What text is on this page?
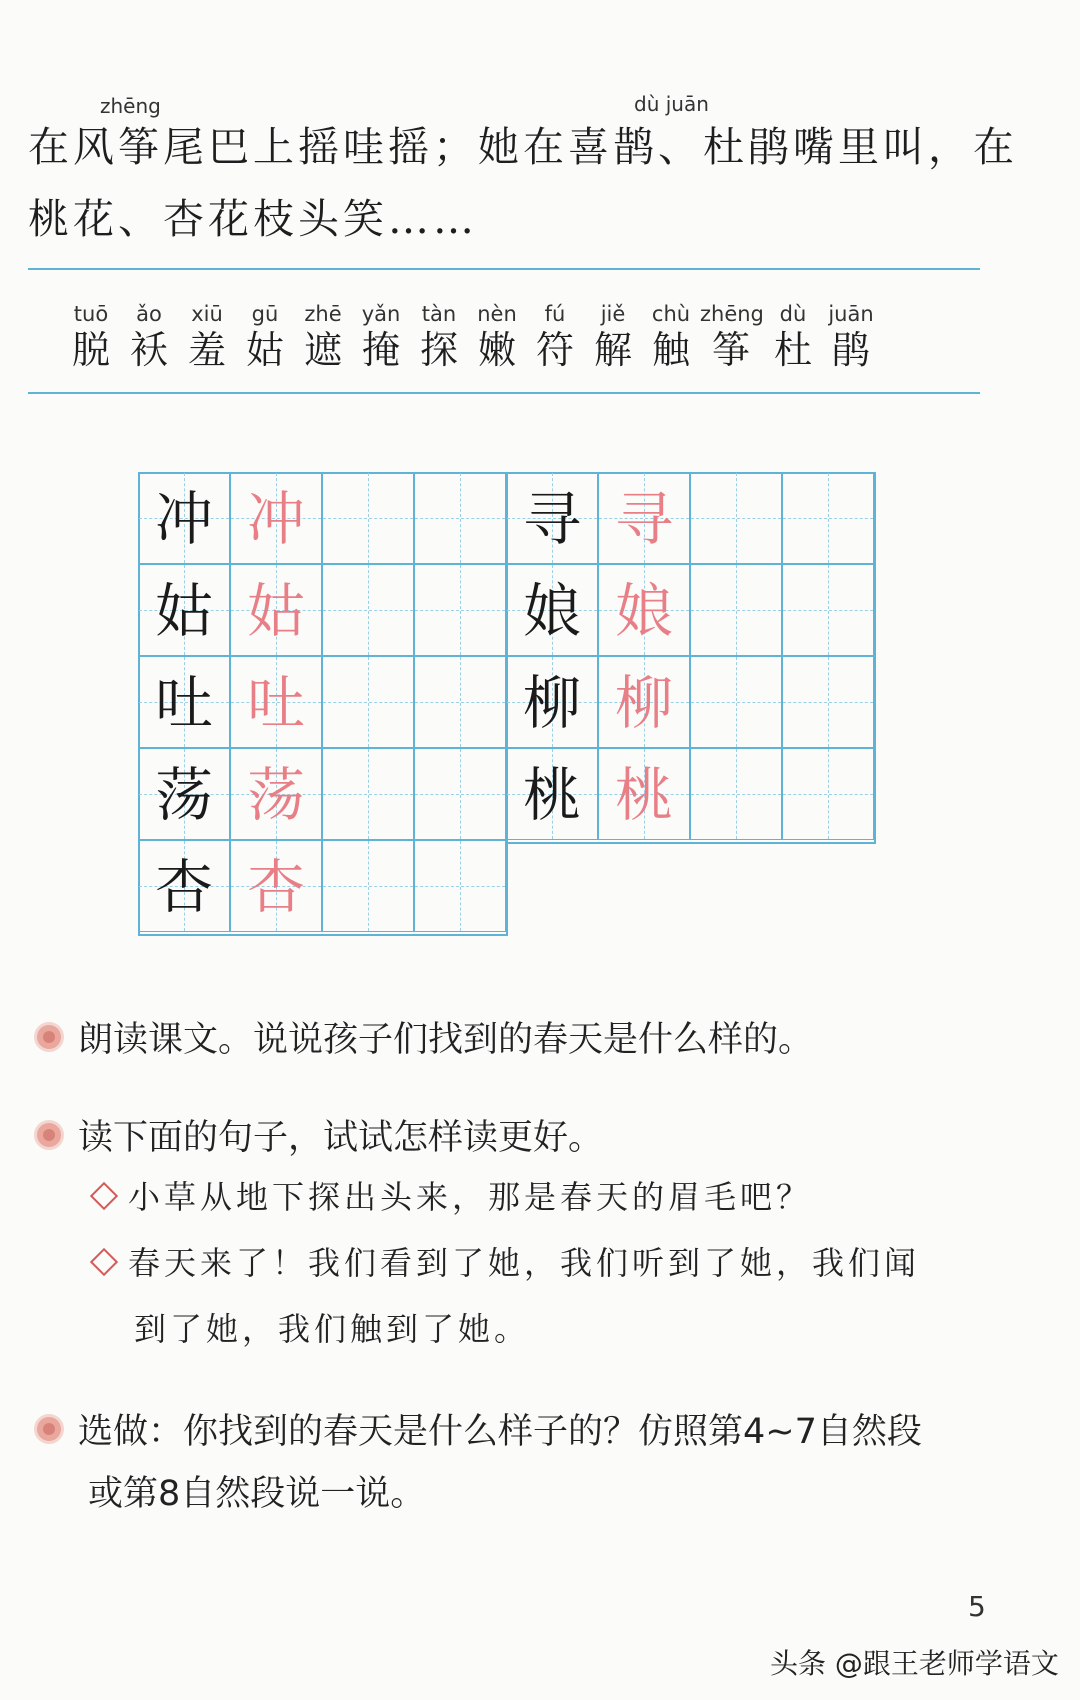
zhēng	dù juān
在风筝尾巴上摇哇摇；她在喜鹊、杜鹃嘴里叫，在
桃花、杏花枝头笑……
tuō
脱
ǎo
袄
xiū
羞
gū
姑
zhē
遮
yǎn
掩
tàn
探
nèn
嫩
fú
符
jiě
解
chù
触
zhēng
筝
dù
杜
juān
鹃
冲 冲
姑 姑
吐 吐
荡 荡
杏 杏
寻 寻
娘 娘
柳 柳
桃 桃
朗读课文。说说孩子们找到的春天是什么样的。
读下面的句子，试试怎样读更好。
小草从地下探出头来，那是春天的眉毛吧？
春天来了！我们看到了她，我们听到了她，我们闻
到了她，我们触到了她。
选做：你找到的春天是什么样子的？仿照第4~7自然段
或第8自然段说一说。
5
头条 @跟王老师学语文
